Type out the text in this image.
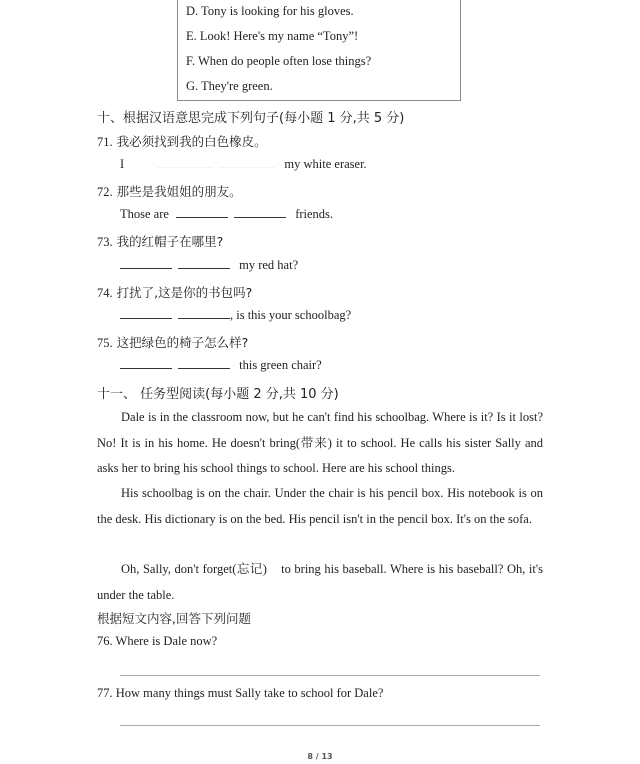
D. Tony is looking for his gloves.
E. Look! Here's my name “Tony”!
F. When do people often lose things?
G. They're green.
十、根据汉语意思完成下列句子(每小题 1 分,共 5 分)
71. 我必须找到我的白色橡皮。
I	my white eraser.
72. 那些是我姐姐的朋友。
Those are	friends.
73. 我的红帽子在哪里?
my red hat?
74. 打扰了,这是你的书包吗?
, is this your schoolbag?
75. 这把绿色的椅子怎么样?
this green chair?
十一、 任务型阅读(每小题 2 分,共 10 分)
Dale is in the classroom now, but he can't find his schoolbag. Where is it? Is it lost? No! It is in his home. He doesn't bring(带来) it to school. He calls his sister Sally and asks her to bring his school things to school. Here are his school things.
His schoolbag is on the chair. Under the chair is his pencil box. His notebook is on the desk. His dictionary is on the bed. His pencil isn't in the pencil box. It's on the sofa.
Oh, Sally, don't forget(忘记)    to bring his baseball. Where is his baseball? Oh, it's under the table.
根据短文内容,回答下列问题
76. Where is Dale now?
77. How many things must Sally take to school for Dale?
8 / 13
